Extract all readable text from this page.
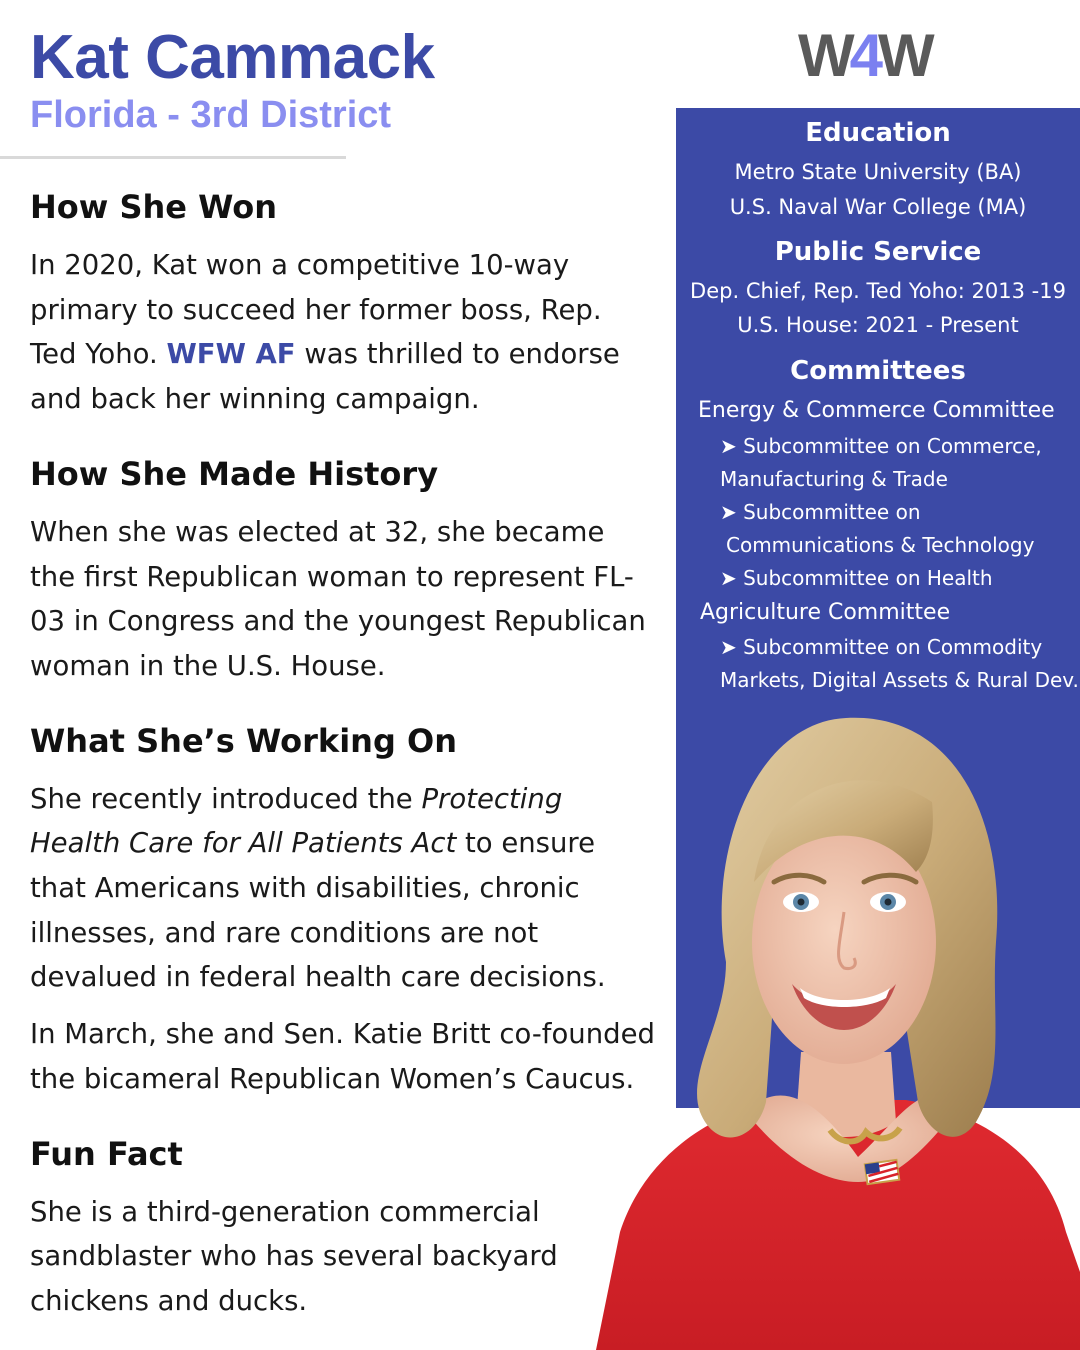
Kat Cammack
Florida - 3rd District
W4W
How She Won
In 2020, Kat won a competitive 10-way primary to succeed her former boss, Rep. Ted Yoho. WFW AF was thrilled to endorse and back her winning campaign.
How She Made History
When she was elected at 32, she became the first Republican woman to represent FL-03 in Congress and the youngest Republican woman in the U.S. House.
What She’s Working On
She recently introduced the Protecting Health Care for All Patients Act to ensure that Americans with disabilities, chronic illnesses, and rare conditions are not devalued in federal health care decisions.
In March, she and Sen. Katie Britt co-founded the bicameral Republican Women’s Caucus.
Fun Fact
She is a third-generation commercial sandblaster who has several backyard chickens and ducks.
Education
Metro State University (BA)
U.S. Naval War College (MA)
Public Service
Dep. Chief, Rep. Ted Yoho: 2013 -19
U.S. House: 2021 - Present
Committees
Energy & Commerce Committee
➤ Subcommittee on Commerce,
Manufacturing & Trade
➤ Subcommittee on
Communications & Technology
➤ Subcommittee on Health
Agriculture Committee
➤ Subcommittee on Commodity
Markets, Digital Assets & Rural Dev.
